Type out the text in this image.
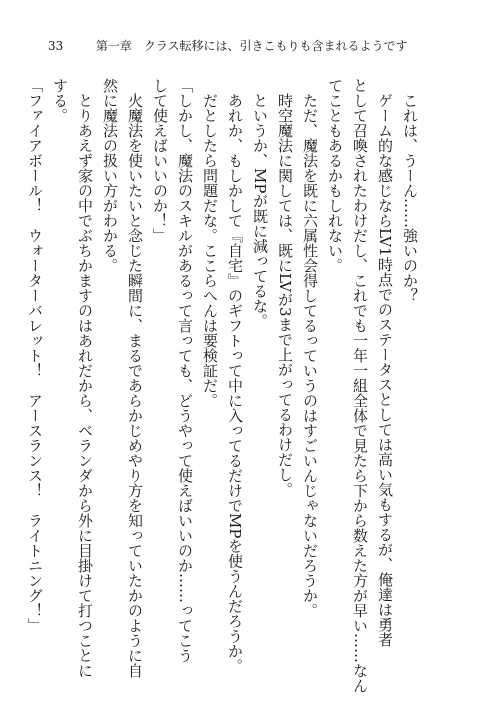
33	第一章　クラス転移には、引きこもりも含まれるようです
　これは、うーん……強いのか？
　ゲーム的な感じならLV1時点でのステータスとしては高い気もするが、俺達は勇者
として召喚されたわけだし、これでも一年一組全体で見たら下から数えた方が早い……なん
てこともあるかもしれない。
　ただ、魔法を既に六属性会得してるっていうのはすごいんじゃないだろうか。
　時空魔法に関しては、既にLVが3まで上がってるわけだし。
　というか、MPが既に減ってるな。
　あれか、もしかして『自宅』のギフトって中に入ってるだけでMPを使うんだろうか。
　だとしたら問題だな。ここらへんは要検証だ。
「しかし、魔法のスキルがあるって言っても、どうやって使えばいいのか……ってこう
して使えばいいのか！」
　火魔法を使いたいと念じた瞬間に、まるであらかじめやり方を知っていたかのように自
然に魔法の扱い方がわかる。
　とりあえず家の中でぶちかますのはあれだから、ベランダから外に目掛けて打つことに
する。
「ファイアボール！　ウォーターバレット！　アースランス！　ライトニング！」
